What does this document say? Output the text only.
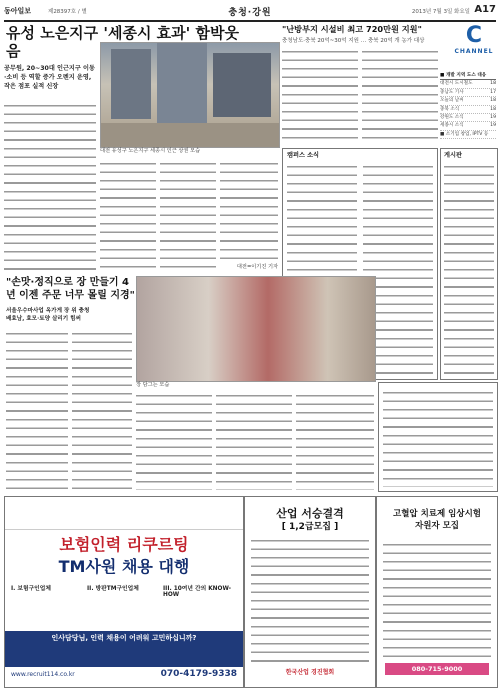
동아일보	제28397호 / 별	충청·강원	2013년 7월 3일 화요일 A17
유성 노은지구 '세종시 효과' 함박웃음
공무원, 20~30대 인근지구 이동·소비 등 역할 증가 오렌지 운영, 작은 점포 실적 신장
대전 유성구 노은지구 세종시 인근 상권 모습
대전=이기진 기자
"난방부지 시설비 최고 720만원 지원"
충청남도·충북 20억~30억 지원 … 충북 20억 개 농가 대상	C
CHANNEL
■ 개발 지역 도스 대응
대전시 도시철도	18
충남도 기사	17
오늘의 날씨	18
충북 소식	18
강원도 소식	19
세종시 소식	19
■ 소기업 창업, IPTV 등
캠퍼스 소식	게시판
"손맛·정직으로 장 만들기 4년 이젠 주문 너무 몰릴 지경"
서울우수마사업 옥가게 장 위 충청 배효남, 효모·토양 살리기 힘써
장 담그는 모습
보험인력 리쿠르팅
TM사원 채용 대행
I. 보험구인업체	II. 방판TM구인업체	III. 10여년 간의 KNOW-HOW
인사담당님, 인력 채용이 어려워 고민하십니까?
www.recruit114.co.kr	070-4179-9338
산업 서승결격
[ 1,2급모집 ]
한국산업 경진협회
고혈압 치료제 임상시험
자원자 모집
080-715-9000
